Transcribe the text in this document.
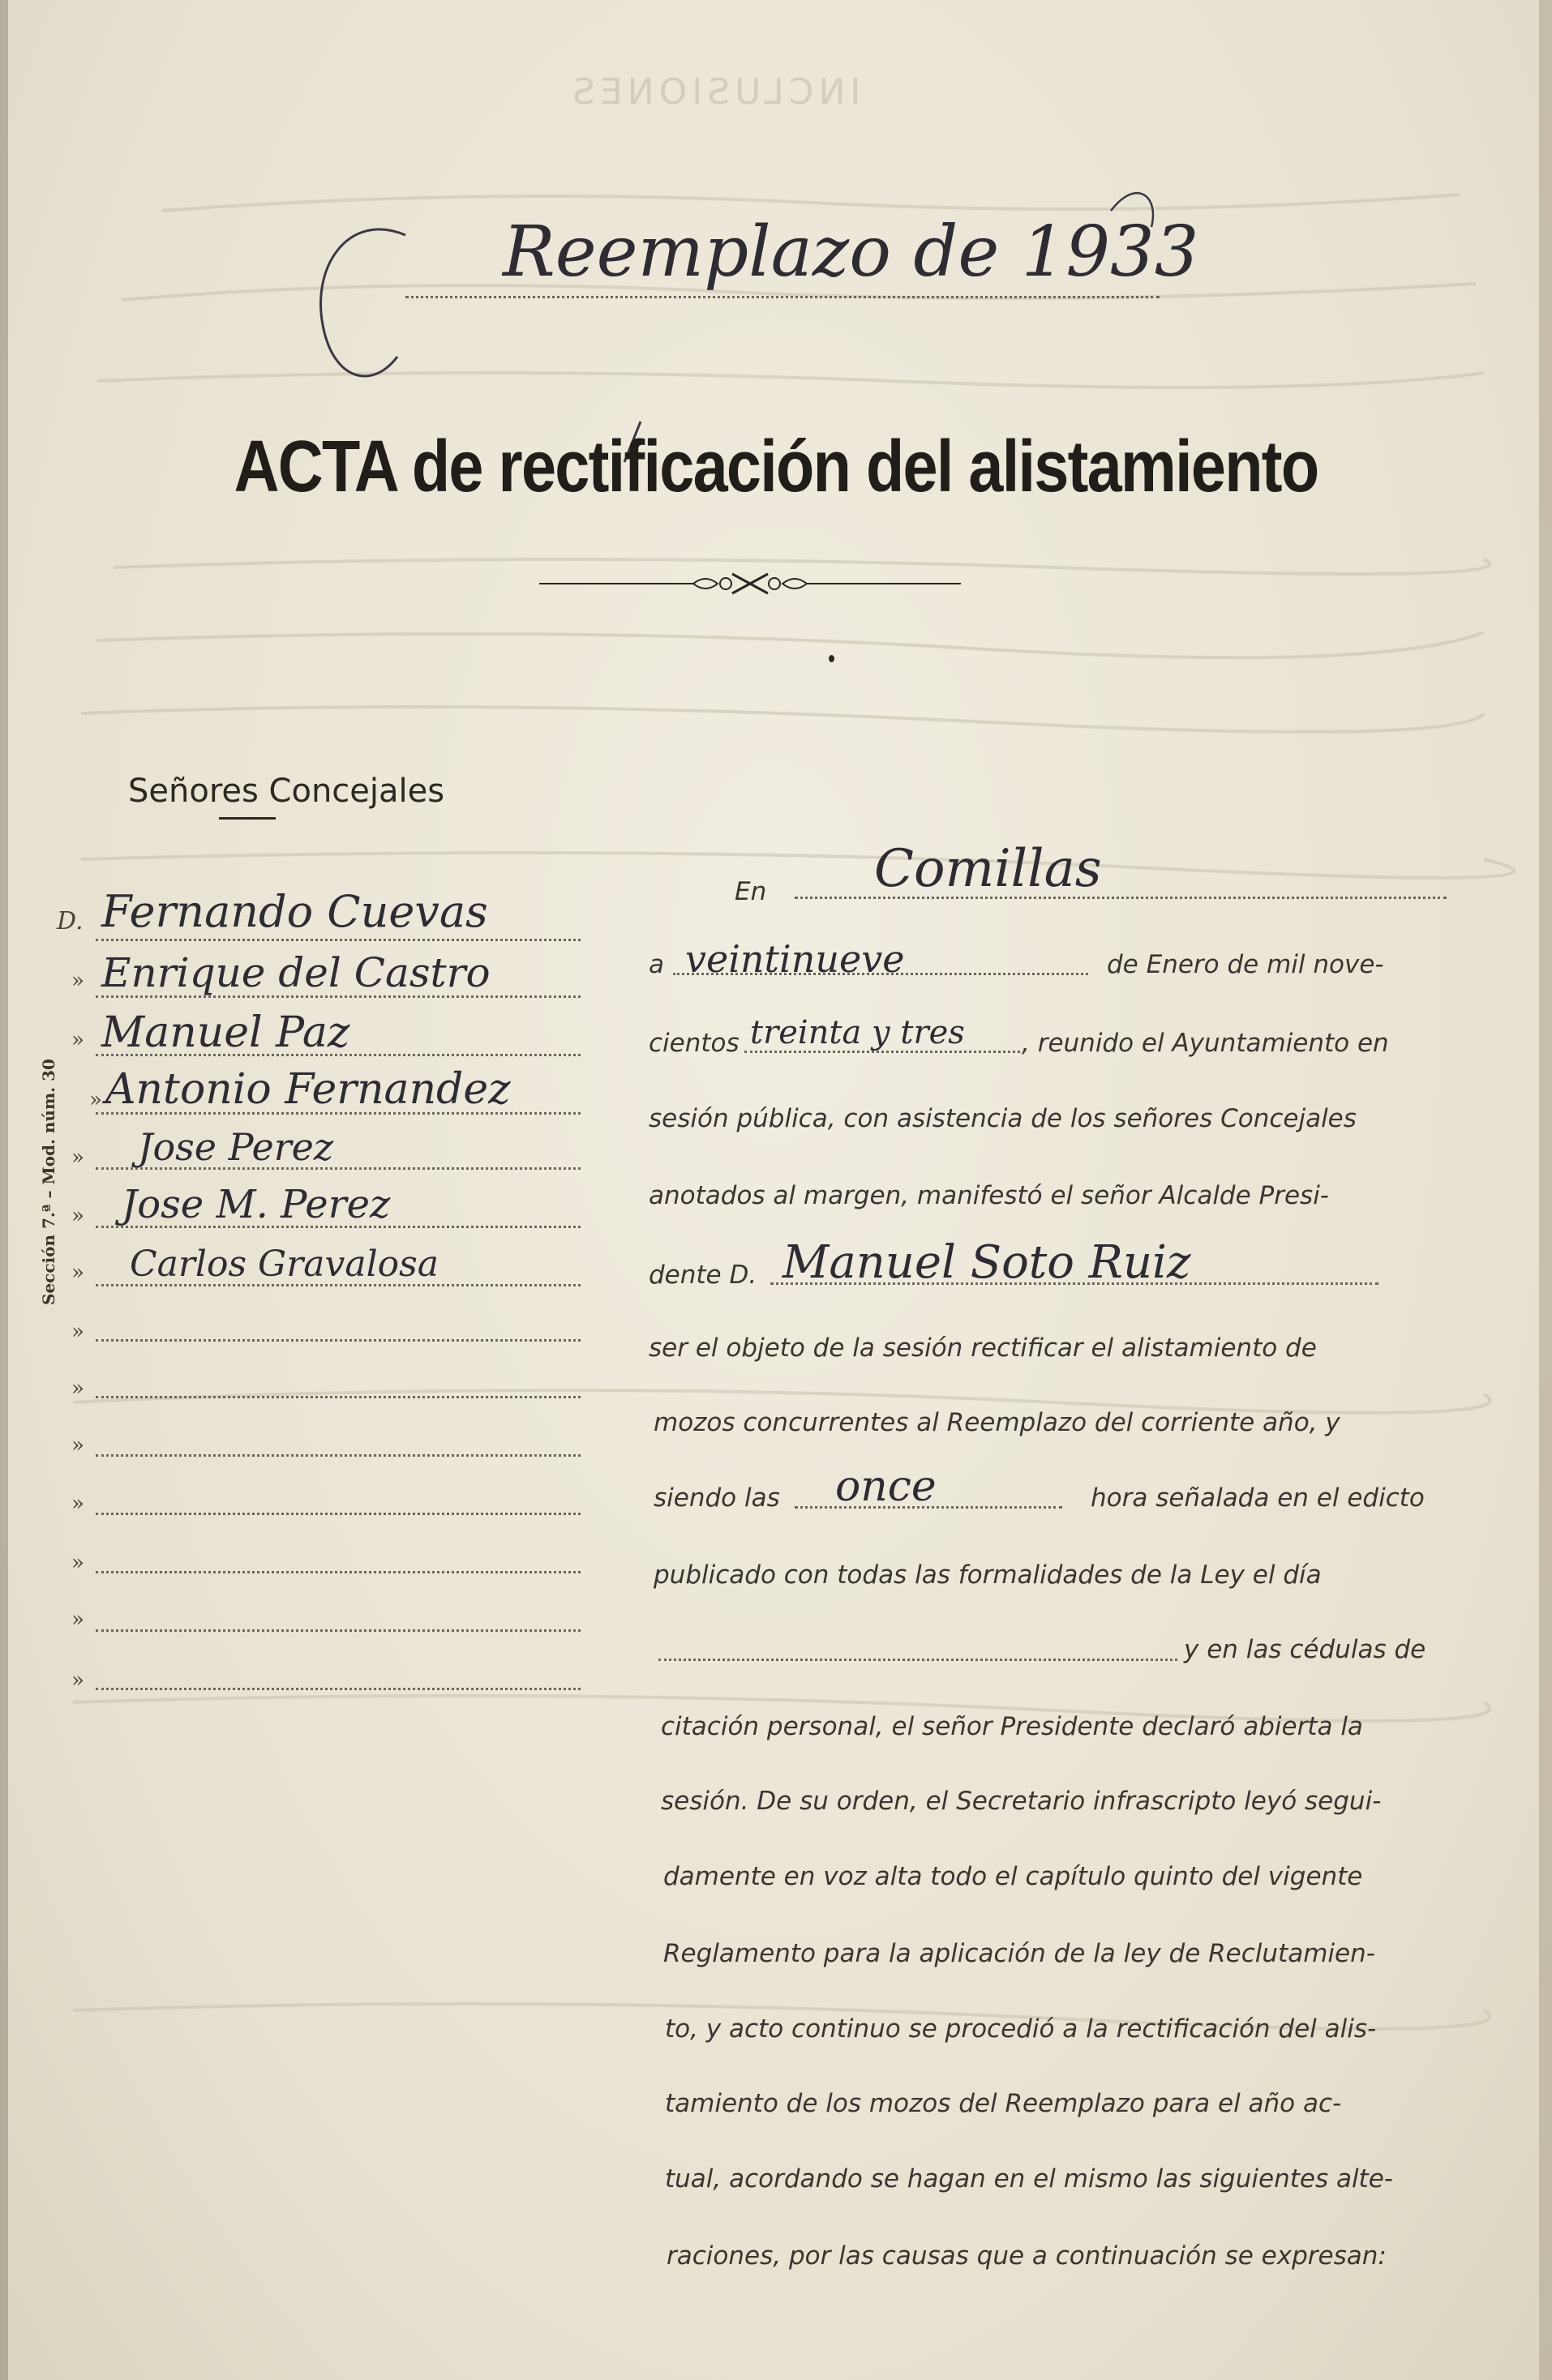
INCLUSIONES
Reemplazo de 1933
ACTA de rectificación del alistamiento
Señores Concejales
Sección 7.ª – Mod. núm. 30
D. Fernando Cuevas
» Enrique del Castro
» Manuel Paz
» Antonio Fernandez
» Jose Perez
» Jose M. Perez
» Carlos Gravalosa
»
»
»
»
»
»
»
En Comillas
a veintinueve	de Enero de mil nove-
cientos treinta y tres , reunido el Ayuntamiento en
sesión pública, con asistencia de los señores Concejales
anotados al margen, manifestó el señor Alcalde Presi-
dente D. Manuel Soto Ruiz
ser el objeto de la sesión rectificar el alistamiento de
mozos concurrentes al Reemplazo del corriente año, y
siendo las once	hora señalada en el edicto
publicado con todas las formalidades de la Ley el día
y en las cédulas de
citación personal, el señor Presidente declaró abierta la
sesión. De su orden, el Secretario infrascripto leyó segui-
damente en voz alta todo el capítulo quinto del vigente
Reglamento para la aplicación de la ley de Reclutamien-
to, y acto continuo se procedió a la rectificación del alis-
tamiento de los mozos del Reemplazo para el año ac-
tual, acordando se hagan en el mismo las siguientes alte-
raciones, por las causas que a continuación se expresan:
